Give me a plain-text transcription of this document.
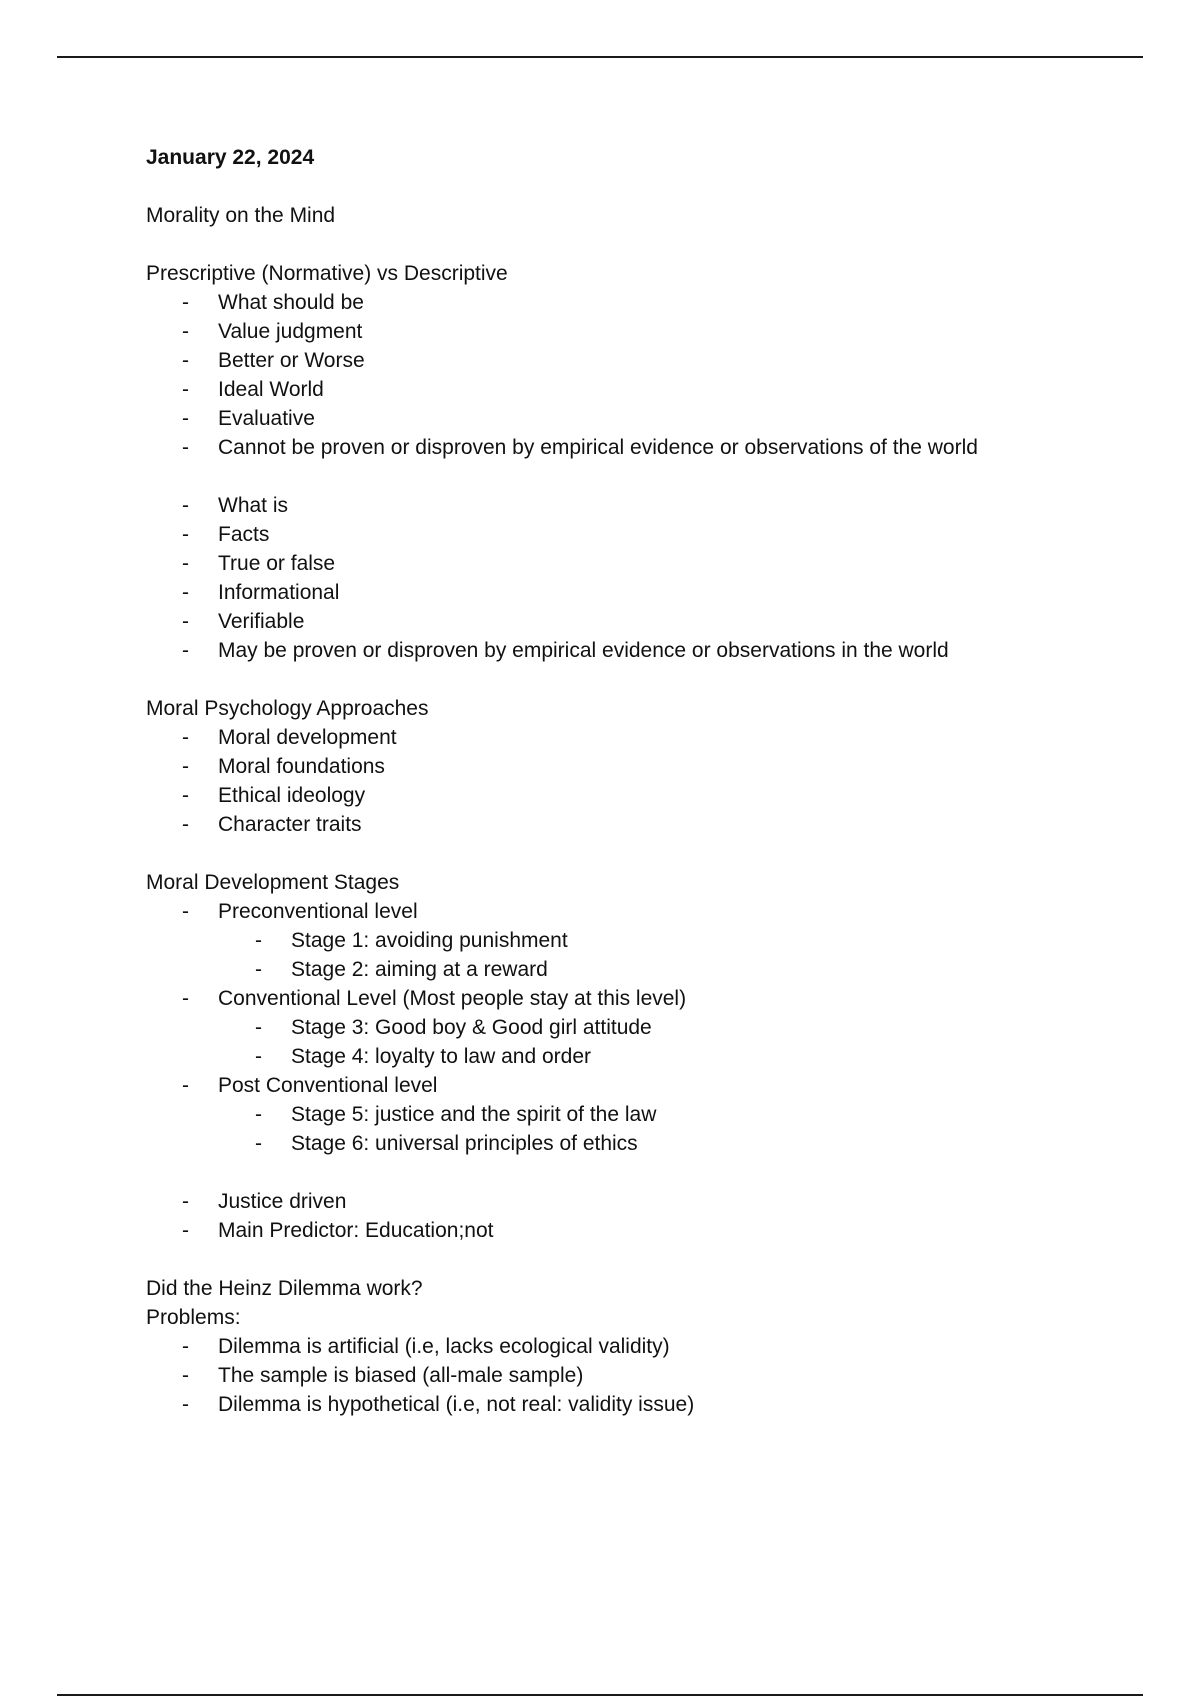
January 22, 2024

Morality on the Mind

Prescriptive (Normative) vs Descriptive

- What should be
- Value judgment
- Better or Worse
- Ideal World
- Evaluative
- Cannot be proven or disproven by empirical evidence or observations of the world
- What is
- Facts
- True or false
- Informational
- Verifiable
- May be proven or disproven by empirical evidence or observations in the world

Moral Psychology Approaches

- Moral development
- Moral foundations
- Ethical ideology
- Character traits

Moral Development Stages

- Preconventional level
- Stage 1: avoiding punishment
- Stage 2: aiming at a reward
- Conventional Level (Most people stay at this level)
- Stage 3: Good boy & Good girl attitude
- Stage 4: loyalty to law and order
- Post Conventional level
- Stage 5: justice and the spirit of the law
- Stage 6: universal principles of ethics
- Justice driven
- Main Predictor: Education;not

Did the Heinz Dilemma work?

Problems:

- Dilemma is artificial (i.e, lacks ecological validity)
- The sample is biased (all-male sample)
- Dilemma is hypothetical (i.e, not real: validity issue)
